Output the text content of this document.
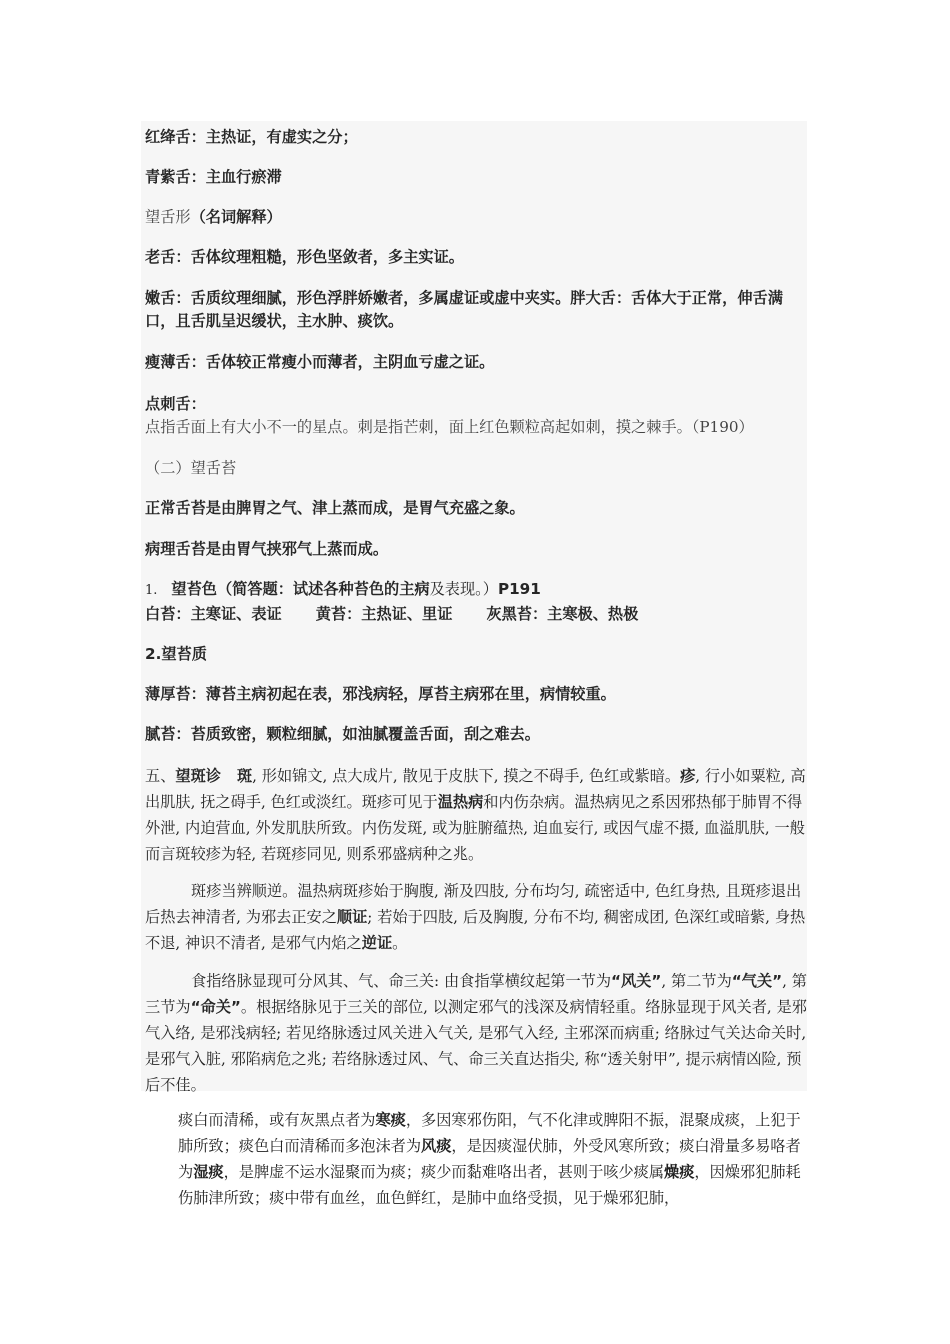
红绛舌：主热证，有虚实之分；

青紫舌：主血行瘀滞

望舌形（名词解释）

老舌：舌体纹理粗糙，形色坚敛者，多主实证。

嫩舌：舌质纹理细腻，形色浮胖娇嫩者，多属虚证或虚中夹实。胖大舌：舌体大于正常，伸舌满口，且舌肌呈迟缓状，主水肿、痰饮。

瘦薄舌：舌体较正常瘦小而薄者，主阴血亏虚之证。

点刺舌：点指舌面上有大小不一的星点。刺是指芒刺，面上红色颗粒高起如刺，摸之棘手。（P190）

（二）望舌苔

正常舌苔是由脾胃之气、津上蒸而成，是胃气充盛之象。

病理舌苔是由胃气挟邪气上蒸而成。

1. 望苔色（简答题：试述各种苔色的主病及表现。）P191

白苔：主寒证、表证 黄苔：主热证、里证 灰黑苔：主寒极、热极

2.望苔质

薄厚苔：薄苔主病初起在表，邪浅病轻，厚苔主病邪在里，病情较重。

腻苔：苔质致密，颗粒细腻，如油腻覆盖舌面，刮之难去。

五、望斑诊 斑, 形如锦文, 点大成片, 散见于皮肤下, 摸之不碍手, 色红或紫暗。疹, 行小如粟粒, 高出肌肤, 抚之碍手, 色红或淡红。斑疹可见于温热病和内伤杂病。温热病见之系因邪热郁于肺胃不得外泄, 内迫营血, 外发肌肤所致。内伤发斑, 或为脏腑蕴热, 迫血妄行, 或因气虚不摄, 血溢肌肤, 一般而言斑较疹为轻, 若斑疹同见, 则系邪盛病种之兆。

斑疹当辨顺逆。温热病斑疹始于胸腹, 渐及四肢, 分布均匀, 疏密适中, 色红身热, 且斑疹退出后热去神清者, 为邪去正安之顺证; 若始于四肢, 后及胸腹, 分布不均, 稠密成团, 色深红或暗紫, 身热不退, 神识不清者, 是邪气内焰之逆证。

食指络脉显现可分风其、气、命三关: 由食指掌横纹起第一节为“风关”, 第二节为“气关”, 第三节为“命关”。根据络脉见于三关的部位, 以测定邪气的浅深及病情轻重。络脉显现于风关者, 是邪气入络, 是邪浅病轻; 若见络脉透过风关进入气关, 是邪气入经, 主邪深而病重; 络脉过气关达命关时, 是邪气入脏, 邪陷病危之兆; 若络脉透过风、气、命三关直达指尖, 称“透关射甲”, 提示病情凶险, 预后不佳。

痰白而清稀，或有灰黑点者为寒痰，多因寒邪伤阳，气不化津或脾阳不振，混聚成痰，上犯于肺所致；痰色白而清稀而多泡沫者为风痰，是因痰湿伏肺，外受风寒所致；痰白滑量多易咯者为湿痰，是脾虚不运水湿聚而为痰；痰少而黏难咯出者，甚则于咳少痰属燥痰，因燥邪犯肺耗伤肺津所致；痰中带有血丝，血色鲜红，是肺中血络受损，见于燥邪犯肺，
